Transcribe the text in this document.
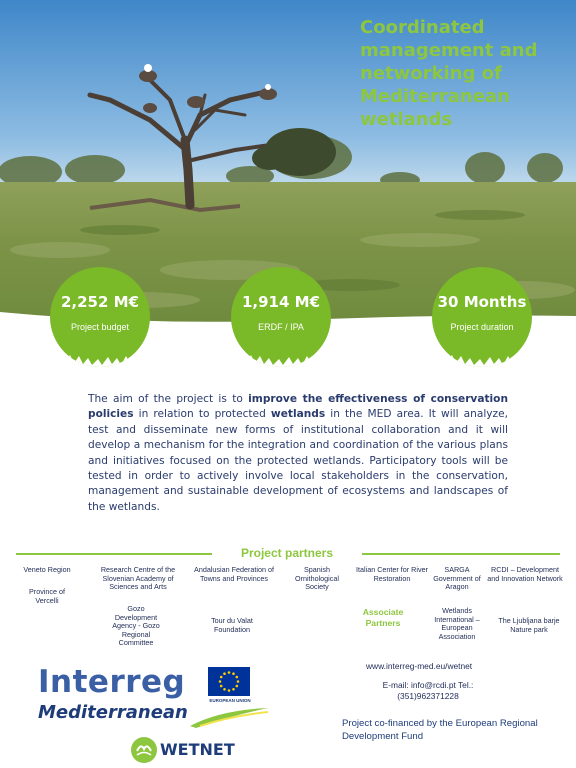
Coordinated management and networking of Mediterranean wetlands
2,252 M€
Project budget
1,914 M€
ERDF / IPA
30 Months
Project duration
The aim of the project is to improve the effectiveness of conservation policies in relation to protected wetlands in the MED area. It will analyze, test and disseminate new forms of institutional collaboration and it will develop a mechanism for the integration and coordination of the various plans and initiatives focused on the protected wetlands. Participatory tools will be tested in order to actively involve local stakeholders in the conservation, management and sustainable development of ecosystems and landscapes of the wetlands.
Project partners
Veneto Region
Province of Vercelli
Research Centre of the Slovenian Academy of Sciences and Arts
Gozo Development Agency - Gozo Regional Committee
Andalusian Federation of Towns and Provinces
Tour du Valat Foundation
Spanish Ornithological Society
Italian Center for River Restoration
SARGA Government of Aragon
RCDI – Development and Innovation Network
Wetlands International – European Association
The Ljubljana barje Nature park
Associate Partners
Interreg
EUROPEAN UNION
Mediterranean
WETNET
www.interreg-med.eu/wetnet
E-mail: info@rcdi.pt Tel.:
(351)962371228
Project co-financed by the European Regional Development Fund
